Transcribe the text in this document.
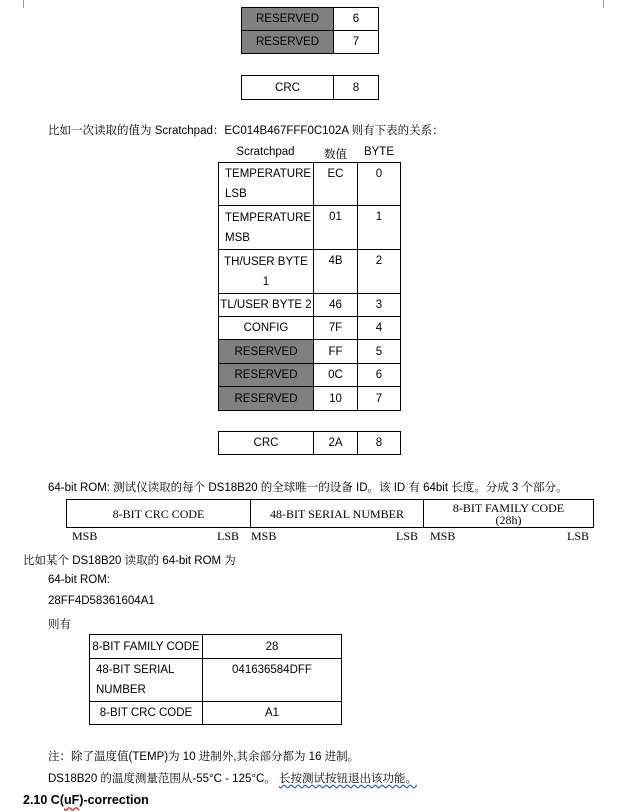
RESERVED	6
RESERVED	7
CRC	8
比如一次读取的值为 Scratchpad：EC014B467FFF0C102A 则有下表的关系：
Scratchpad	数值	BYTE
TEMPERATURE
LSB	EC	0
TEMPERATURE
MSB	01	1
TH/USER BYTE
1	4B	2
TL/USER BYTE 2	46	3
CONFIG	7F	4
RESERVED	FF	5
RESERVED	0C	6
RESERVED	10	7
CRC	2A	8
64-bit ROM: 测试仪读取的每个 DS18B20 的全球唯一的设备 ID。该 ID 有 64bit 长度。分成 3 个部分。
8-BIT CRC CODE	48-BIT SERIAL NUMBER	8-BIT FAMILY CODE
(28h)
MSB	LSB MSB	LSB MSB	LSB
比如某个 DS18B20 读取的 64-bit ROM 为
64-bit ROM:
28FF4D58361604A1
则有
8-BIT FAMILY CODE	28
48-BIT SERIAL
NUMBER	041636584DFF
8-BIT CRC CODE	A1
注：除了温度值(TEMP)为 10 进制外,其余部分都为 16 进制。
DS18B20 的温度测量范围从-55°C - 125°C。 长按测试按钮退出该功能。
2.10 C(uF)-correction
